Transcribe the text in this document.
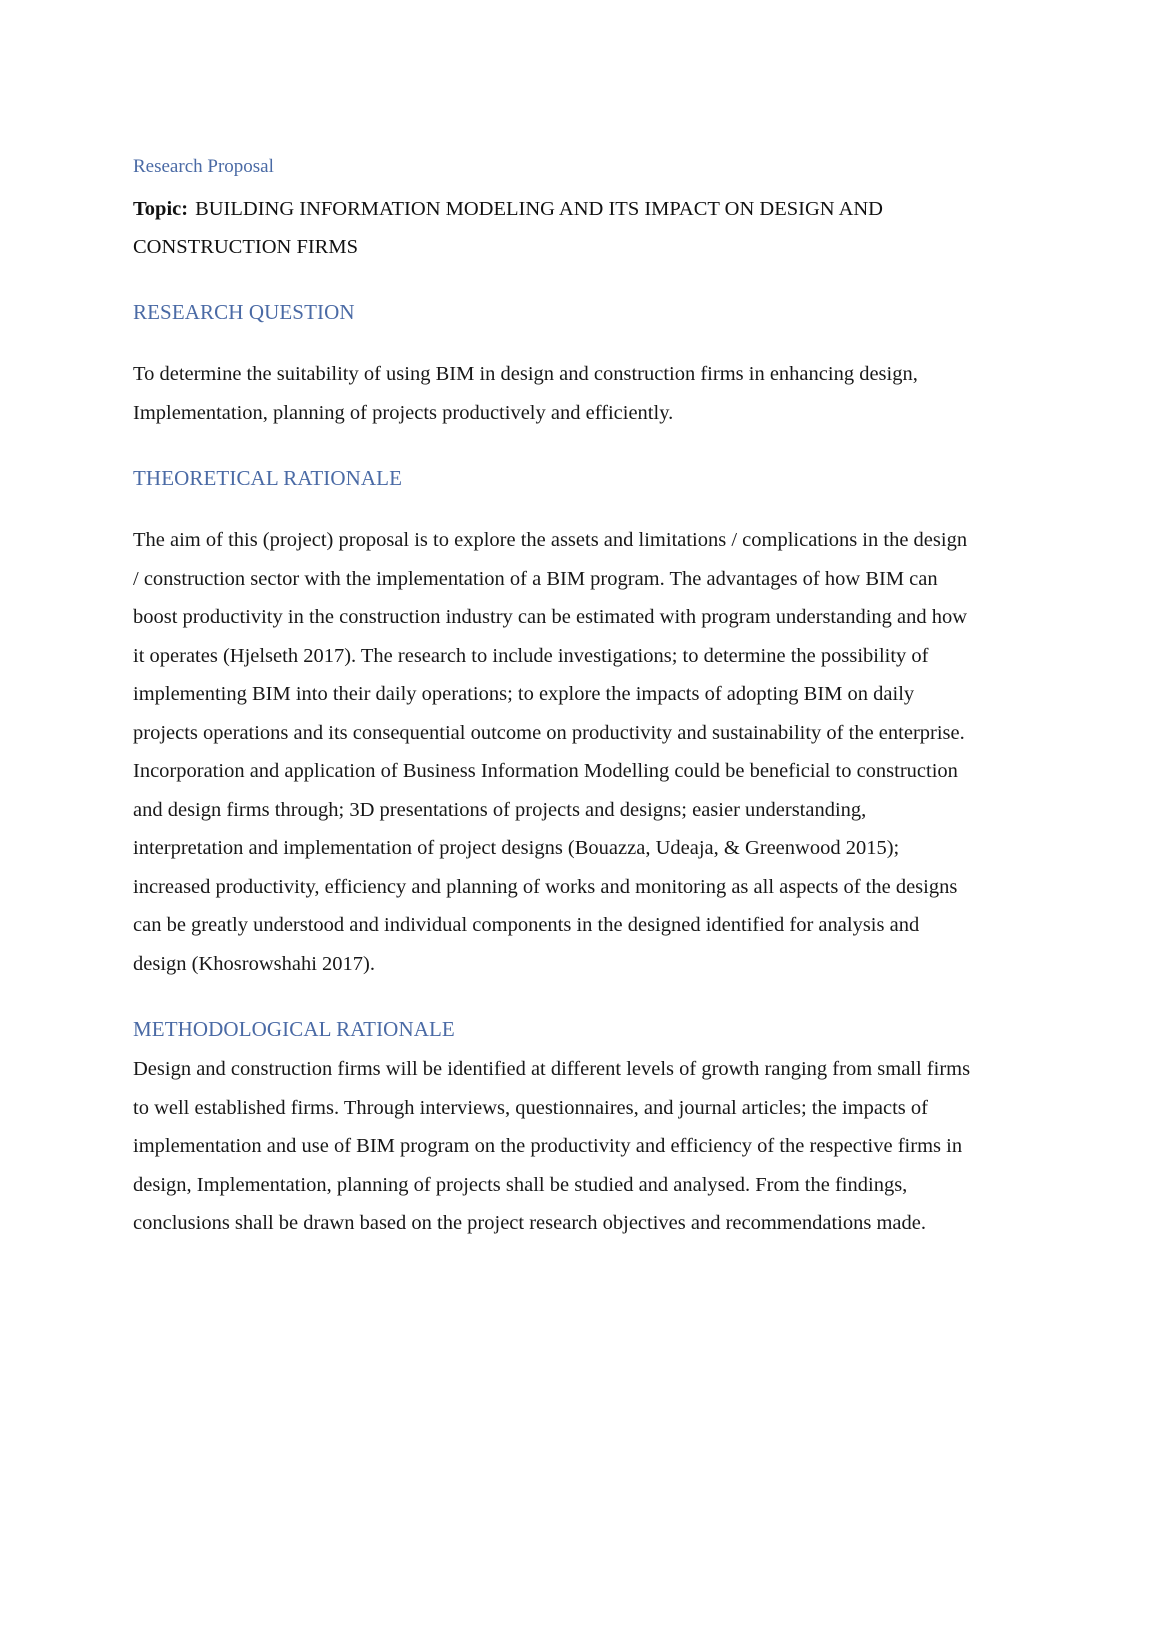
Research Proposal

Topic: BUILDING INFORMATION MODELING AND ITS IMPACT ON DESIGN AND CONSTRUCTION FIRMS

RESEARCH QUESTION

To determine the suitability of using BIM in design and construction firms in enhancing design, Implementation, planning of projects productively and efficiently.

THEORETICAL RATIONALE

The aim of this (project) proposal is to explore the assets and limitations / complications in the design / construction sector with the implementation of a BIM program. The advantages of how BIM can boost productivity in the construction industry can be estimated with program understanding and how it operates (Hjelseth 2017). The research to include investigations; to determine the possibility of implementing BIM into their daily operations; to explore the impacts of adopting BIM on daily projects operations and its consequential outcome on productivity and sustainability of the enterprise. Incorporation and application of Business Information Modelling could be beneficial to construction and design firms through; 3D presentations of projects and designs; easier understanding, interpretation and implementation of project designs (Bouazza, Udeaja, & Greenwood 2015); increased productivity, efficiency and planning of works and monitoring as all aspects of the designs can be greatly understood and individual components in the designed identified for analysis and design (Khosrowshahi 2017).

METHODOLOGICAL RATIONALE

Design and construction firms will be identified at different levels of growth ranging from small firms to well established firms. Through interviews, questionnaires, and journal articles; the impacts of implementation and use of BIM program on the productivity and efficiency of the respective firms in design, Implementation, planning of projects shall be studied and analysed. From the findings, conclusions shall be drawn based on the project research objectives and recommendations made.
